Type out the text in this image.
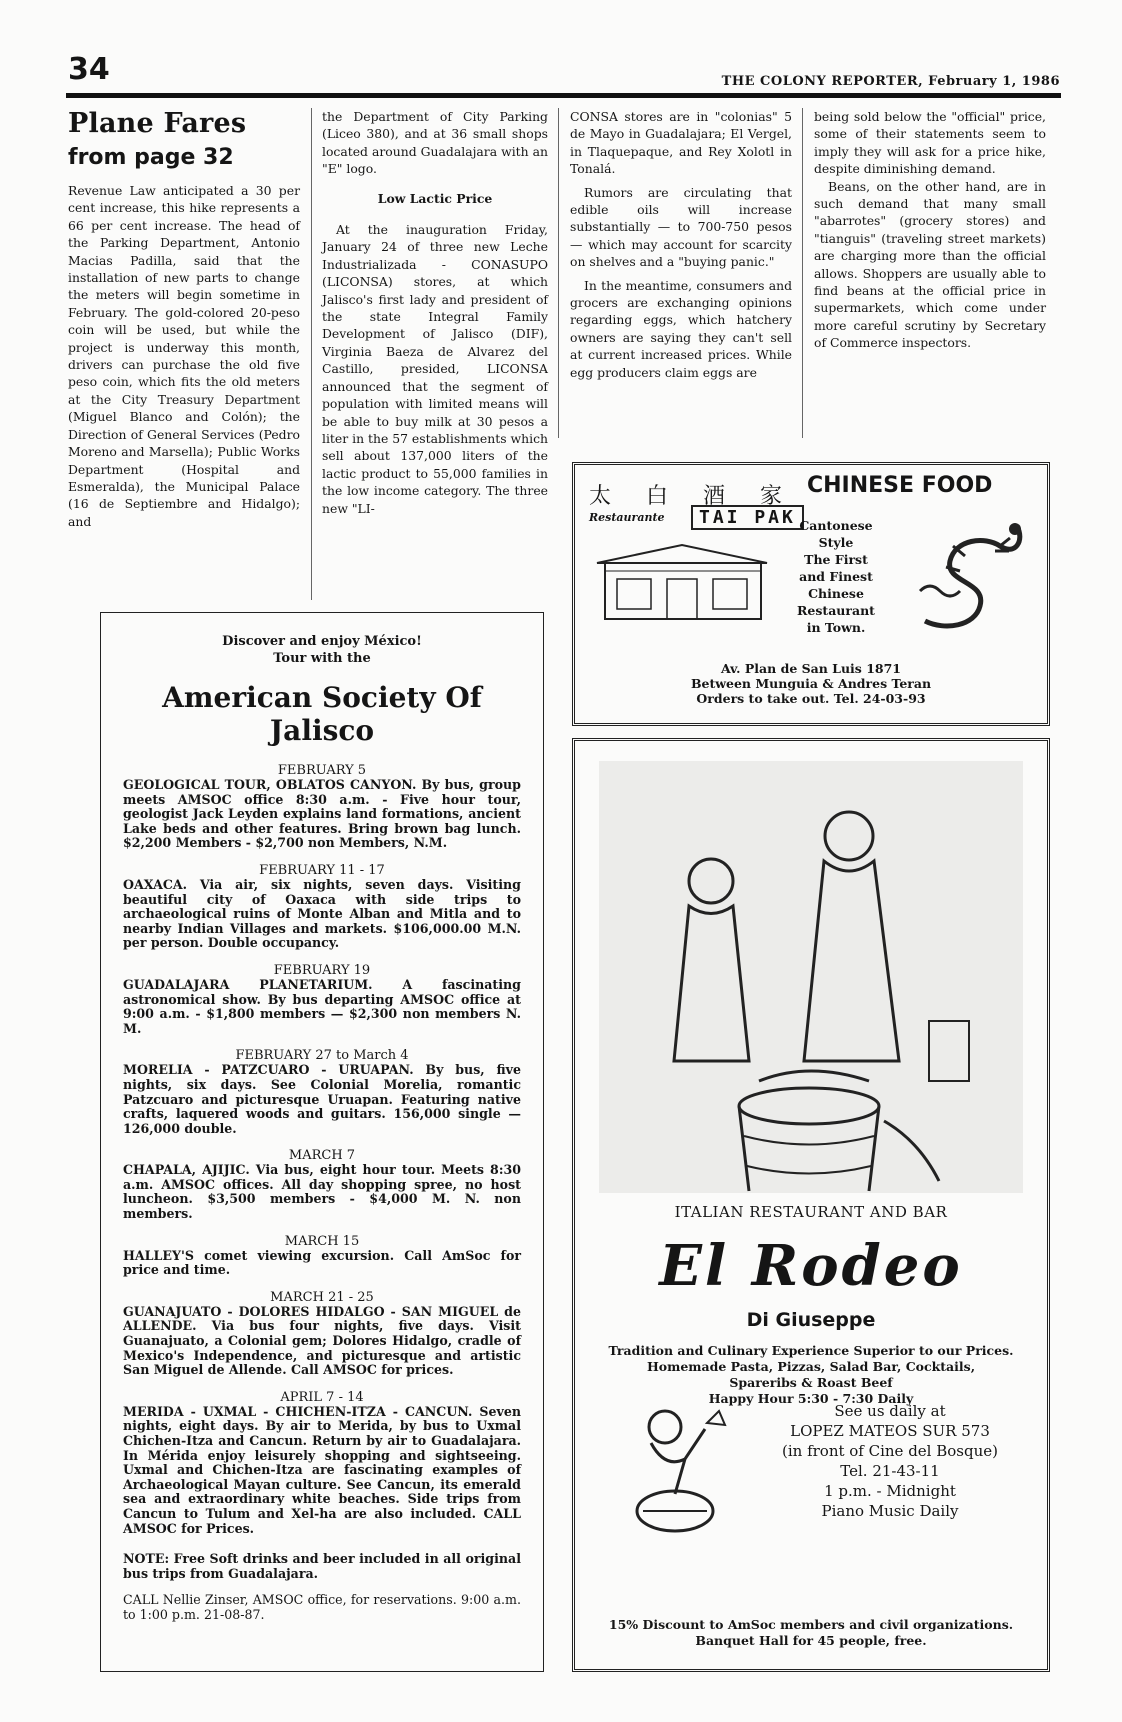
34	THE COLONY REPORTER, February 1, 1986
Plane Fares
from page 32

Revenue Law anticipated a 30 per cent increase, this hike represents a 66 per cent increase. The head of the Parking Department, Antonio Macias Padilla, said that the installation of new parts to change the meters will begin sometime in February. The gold-colored 20-peso coin will be used, but while the project is underway this month, drivers can purchase the old five peso coin, which fits the old meters at the City Treasury Department (Miguel Blanco and Colón); the Direction of General Services (Pedro Moreno and Marsella); Public Works Department (Hospital and Esmeralda), the Municipal Palace (16 de Septiembre and Hidalgo); and

the Department of City Parking (Liceo 380), and at 36 small shops located around Guadalajara with an "E" logo.

Low Lactic Price

At the inauguration Friday, January 24 of three new Leche Industrializada - CONASUPO (LICONSA) stores, at which Jalisco's first lady and president of the state Integral Family Development of Jalisco (DIF), Virginia Baeza de Alvarez del Castillo, presided, LICONSA announced that the segment of population with limited means will be able to buy milk at 30 pesos a liter in the 57 establishments which sell about 137,000 liters of the lactic product to 55,000 families in the low income category. The three new "LI-

CONSA stores are in "colonias" 5 de Mayo in Guadalajara; El Vergel, in Tlaquepaque, and Rey Xolotl in Tonalá.

Rumors are circulating that edible oils will increase substantially — to 700-750 pesos — which may account for scarcity on shelves and a "buying panic."

In the meantime, consumers and grocers are exchanging opinions regarding eggs, which hatchery owners are saying they can't sell at current increased prices. While egg producers claim eggs are

being sold below the "official" price, some of their statements seem to imply they will ask for a price hike, despite diminishing demand.

Beans, on the other hand, are in such demand that many small "abarrotes" (grocery stores) and "tianguis" (traveling street markets) are charging more than the official allows. Shoppers are usually able to find beans at the official price in supermarkets, which come under more careful scrutiny by Secretary of Commerce inspectors.

Discover and enjoy México!
Tour with the
American Society Of Jalisco
FEBRUARY 5
GEOLOGICAL TOUR, OBLATOS CANYON. By bus, group meets AMSOC office 8:30 a.m. - Five hour tour, geologist Jack Leyden explains land formations, ancient Lake beds and other features. Bring brown bag lunch. $2,200 Members - $2,700 non Members, N.M.
FEBRUARY 11 - 17
OAXACA. Via air, six nights, seven days. Visiting beautiful city of Oaxaca with side trips to archaeological ruins of Monte Alban and Mitla and to nearby Indian Villages and markets. $106,000.00 M.N. per person. Double occupancy.
FEBRUARY 19
GUADALAJARA PLANETARIUM. A fascinating astronomical show. By bus departing AMSOC office at 9:00 a.m. - $1,800 members — $2,300 non members N. M.
FEBRUARY 27 to March 4
MORELIA - PATZCUARO - URUAPAN. By bus, five nights, six days. See Colonial Morelia, romantic Patzcuaro and picturesque Uruapan. Featuring native crafts, laquered woods and guitars. 156,000 single — 126,000 double.
MARCH 7
CHAPALA, AJIJIC. Via bus, eight hour tour. Meets 8:30 a.m. AMSOC offices. All day shopping spree, no host luncheon. $3,500 members - $4,000 M. N. non members.
MARCH 15
HALLEY'S comet viewing excursion. Call AmSoc for price and time.
MARCH 21 - 25
GUANAJUATO - DOLORES HIDALGO - SAN MIGUEL de ALLENDE. Via bus four nights, five days. Visit Guanajuato, a Colonial gem; Dolores Hidalgo, cradle of Mexico's Independence, and picturesque and artistic San Miguel de Allende. Call AMSOC for prices.
APRIL 7 - 14
MERIDA - UXMAL - CHICHEN-ITZA - CANCUN. Seven nights, eight days. By air to Merida, by bus to Uxmal Chichen-Itza and Cancun. Return by air to Guadalajara. In Mérida enjoy leisurely shopping and sightseeing. Uxmal and Chichen-Itza are fascinating examples of Archaeological Mayan culture. See Cancun, its emerald sea and extraordinary white beaches. Side trips from Cancun to Tulum and Xel-ha are also included. CALL AMSOC for Prices.
NOTE: Free Soft drinks and beer included in all original bus trips from Guadalajara.
CALL Nellie Zinser, AMSOC office, for reservations. 9:00 a.m. to 1:00 p.m. 21-08-87.
太 白 酒 家
Restaurante	TAI PAK
CHINESE FOOD
Cantonese
Style
The First
and Finest
Chinese
Restaurant
in Town.
Av. Plan de San Luis 1871
Between Munguia & Andres Teran
Orders to take out. Tel. 24-03-93
ITALIAN RESTAURANT AND BAR
El Rodeo
Di Giuseppe
Tradition and Culinary Experience Superior to our Prices. Homemade Pasta, Pizzas, Salad Bar, Cocktails,
Spareribs & Roast Beef
Happy Hour 5:30 - 7:30 Daily
See us daily at
LOPEZ MATEOS SUR 573
(in front of Cine del Bosque)
Tel. 21-43-11
1 p.m. - Midnight
Piano Music Daily
15% Discount to AmSoc members and civil organizations.
Banquet Hall for 45 people, free.
